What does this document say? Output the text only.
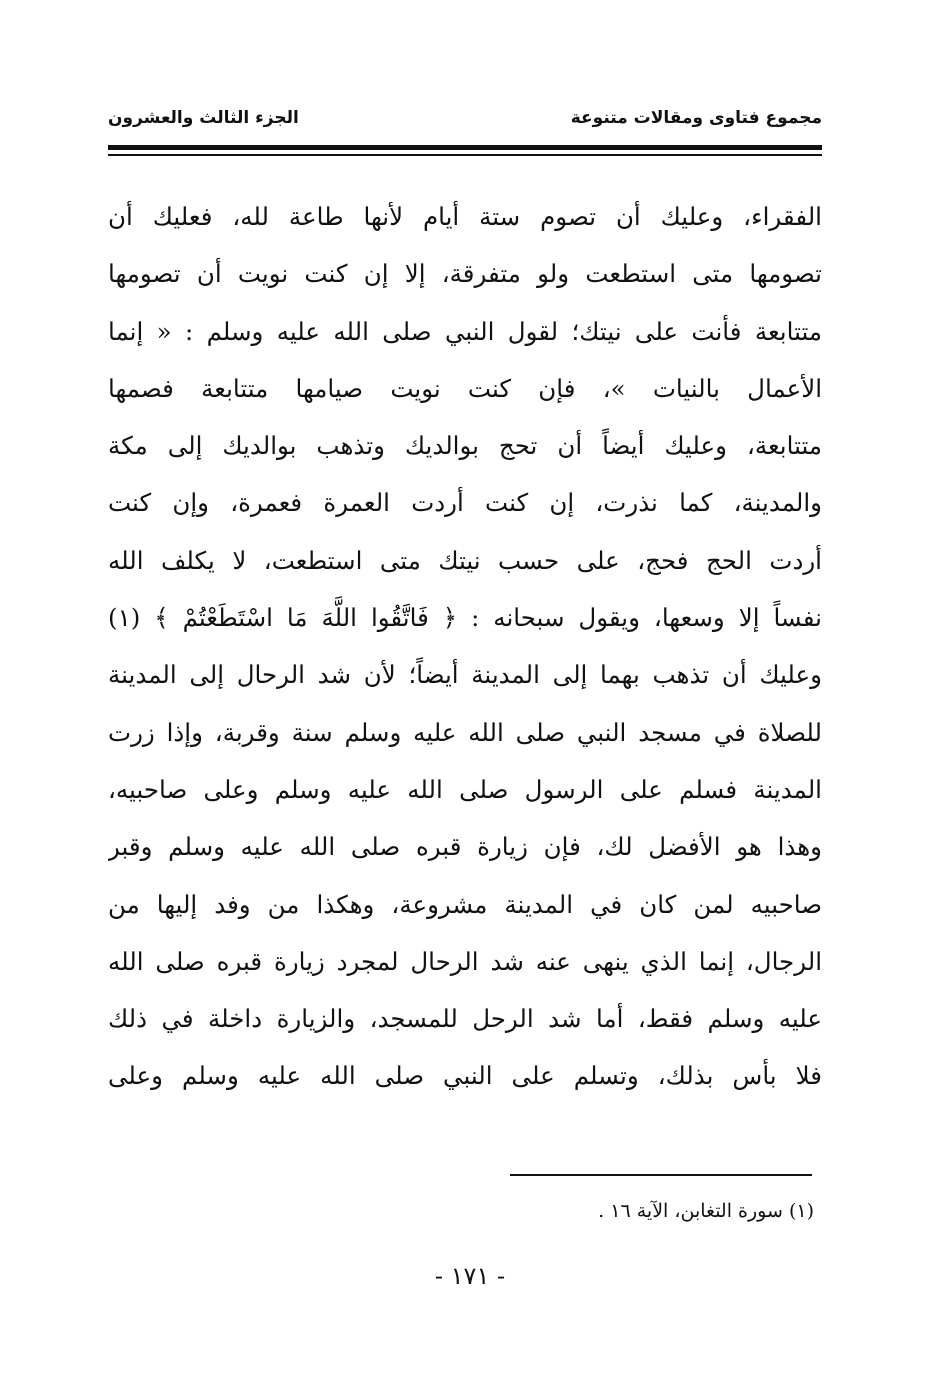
مجموع فتاوى ومقالات متنوعة
الجزء الثالث والعشرون
الفقراء، وعليك أن تصوم ستة أيام لأنها طاعة لله، فعليك أن
تصومها متى استطعت ولو متفرقة، إلا إن كنت نويت أن تصومها
متتابعة فأنت على نيتك؛ لقول النبي صلى الله عليه وسلم : « إنما
الأعمال بالنيات »، فإن كنت نويت صيامها متتابعة فصمها
متتابعة، وعليك أيضاً أن تحج بوالديك وتذهب بوالديك إلى مكة
والمدينة، كما نذرت، إن كنت أردت العمرة فعمرة، وإن كنت
أردت الحج فحج، على حسب نيتك متى استطعت، لا يكلف الله
نفساً إلا وسعها، ويقول سبحانه : ﴿ فَاتَّقُوا اللَّهَ مَا اسْتَطَعْتُمْ ﴾ (١)
وعليك أن تذهب بهما إلى المدينة أيضاً؛ لأن شد الرحال إلى المدينة
للصلاة في مسجد النبي صلى الله عليه وسلم سنة وقربة، وإذا زرت
المدينة فسلم على الرسول صلى الله عليه وسلم وعلى صاحبيه،
وهذا هو الأفضل لك، فإن زيارة قبره صلى الله عليه وسلم وقبر
صاحبيه لمن كان في المدينة مشروعة، وهكذا من وفد إليها من
الرجال، إنما الذي ينهى عنه شد الرحال لمجرد زيارة قبره صلى الله
عليه وسلم فقط، أما شد الرحل للمسجد، والزيارة داخلة في ذلك
فلا بأس بذلك، وتسلم على النبي صلى الله عليه وسلم وعلى
(١) سورة التغابن، الآية ١٦ .
- ١٧١ -
